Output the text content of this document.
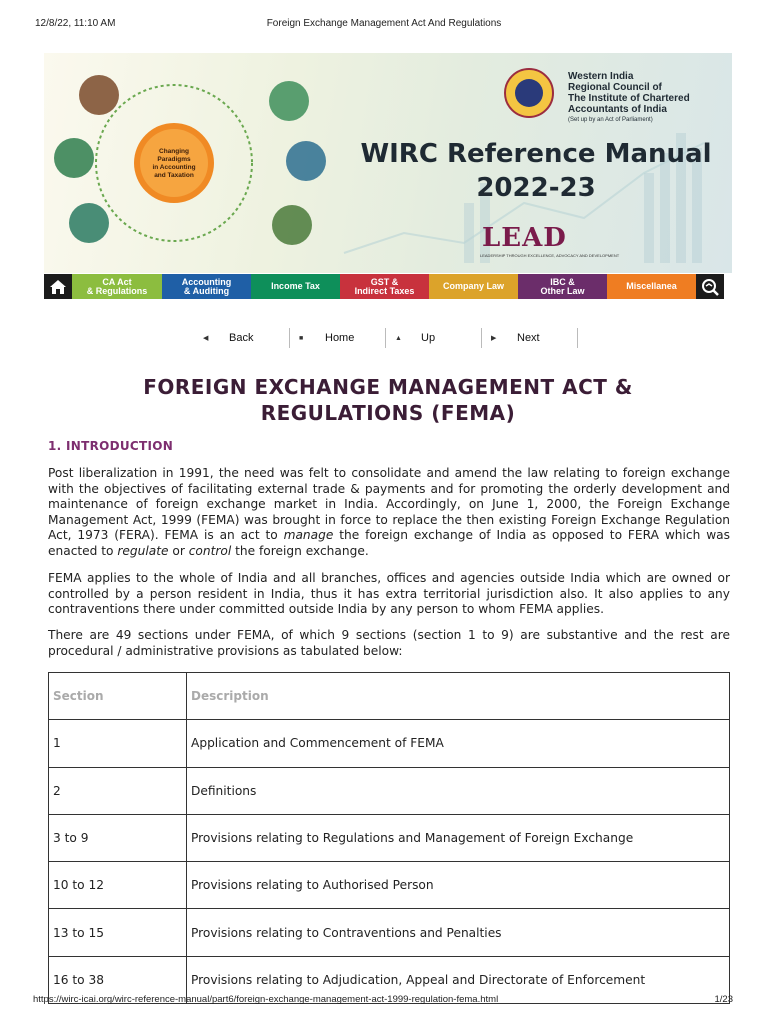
12/8/22, 11:10 AM	Foreign Exchange Management Act And Regulations
Changing
Paradigms
in Accounting
and Taxation
Western India
Regional Council of
The Institute of Chartered
Accountants of India
(Set up by an Act of Parliament)
WIRC Reference Manual
2022-23
LEAD
LEADERSHIP THROUGH EXCELLENCE, ADVOCACY AND DEVELOPMENT
CA Act
& Regulations
Accounting
& Auditing	Income Tax	GST &
Indirect Taxes	Company Law	IBC &
Other Law	Miscellanea
◀	Back	■	Home	▲	Up	▶	Next
FOREIGN EXCHANGE MANAGEMENT ACT &
REGULATIONS (FEMA)
1. INTRODUCTION

Post liberalization in 1991, the need was felt to consolidate and amend the law relating to foreign exchange with the objectives of facilitating external trade & payments and for promoting the orderly development and maintenance of foreign exchange market in India. Accordingly, on June 1, 2000, the Foreign Exchange Management Act, 1999 (FEMA) was brought in force to replace the then existing Foreign Exchange Regulation Act, 1973 (FERA). FEMA is an act to manage the foreign exchange of India as opposed to FERA which was enacted to regulate or control the foreign exchange.

FEMA applies to the whole of India and all branches, offices and agencies outside India which are owned or controlled by a person resident in India, thus it has extra territorial jurisdiction also. It also applies to any contraventions there under committed outside India by any person to whom FEMA applies.

There are 49 sections under FEMA, of which 9 sections (section 1 to 9) are substantive and the rest are procedural / administrative provisions as tabulated below:

Section	Description
1	Application and Commencement of FEMA
2	Definitions
3 to 9	Provisions relating to Regulations and Management of Foreign Exchange
10 to 12	Provisions relating to Authorised Person
13 to 15	Provisions relating to Contraventions and Penalties
16 to 38	Provisions relating to Adjudication, Appeal and Directorate of Enforcement
https://wirc-icai.org/wirc-reference-manual/part6/foreign-exchange-management-act-1999-regulation-fema.html	1/23
